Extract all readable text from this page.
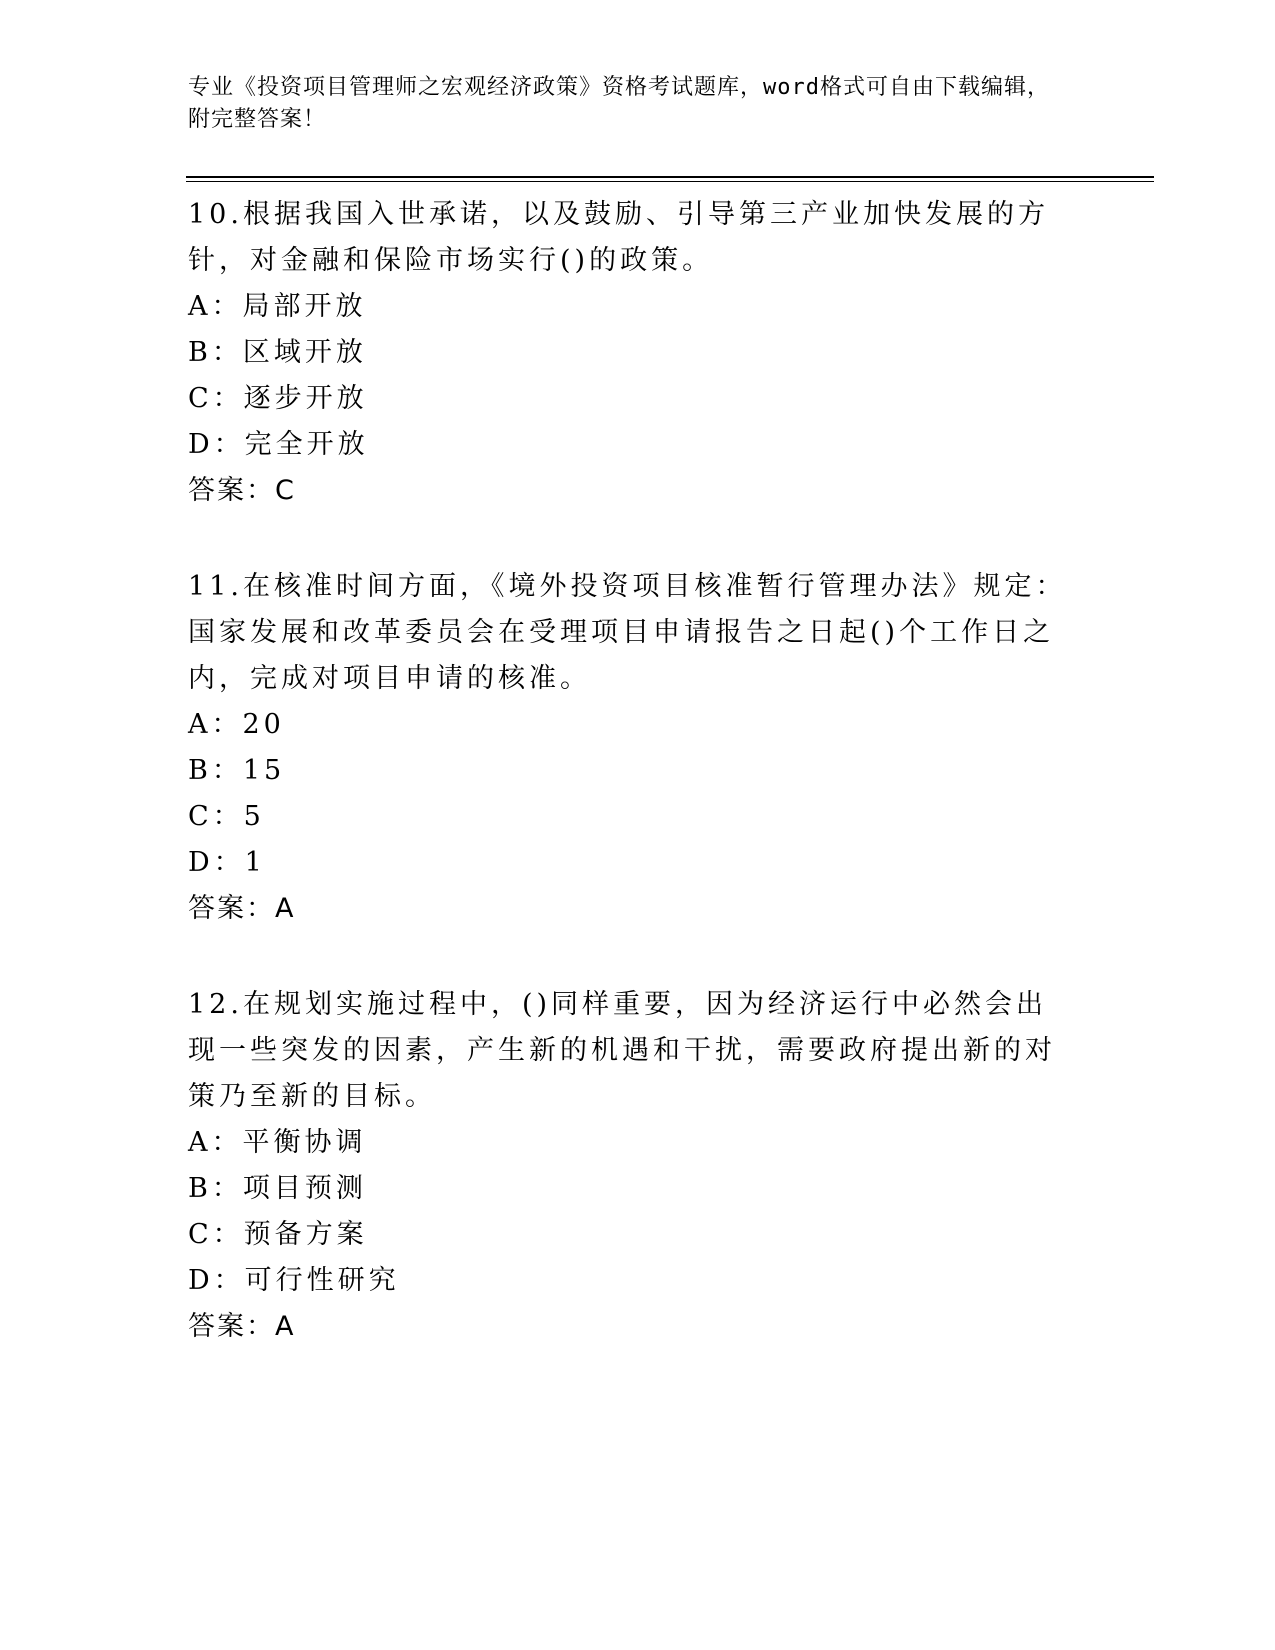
专业《投资项目管理师之宏观经济政策》资格考试题库，word格式可自由下载编辑，附完整答案！

10.根据我国入世承诺，以及鼓励、引导第三产业加快发展的方针，对金融和保险市场实行()的政策。

A：局部开放

B：区域开放

C：逐步开放

D：完全开放

答案：C

11.在核准时间方面，《境外投资项目核准暂行管理办法》规定：国家发展和改革委员会在受理项目申请报告之日起()个工作日之内，完成对项目申请的核准。

A：20

B：15

C：5

D：1

答案：A

12.在规划实施过程中，()同样重要，因为经济运行中必然会出现一些突发的因素，产生新的机遇和干扰，需要政府提出新的对策乃至新的目标。

A：平衡协调

B：项目预测

C：预备方案

D：可行性研究

答案：A
